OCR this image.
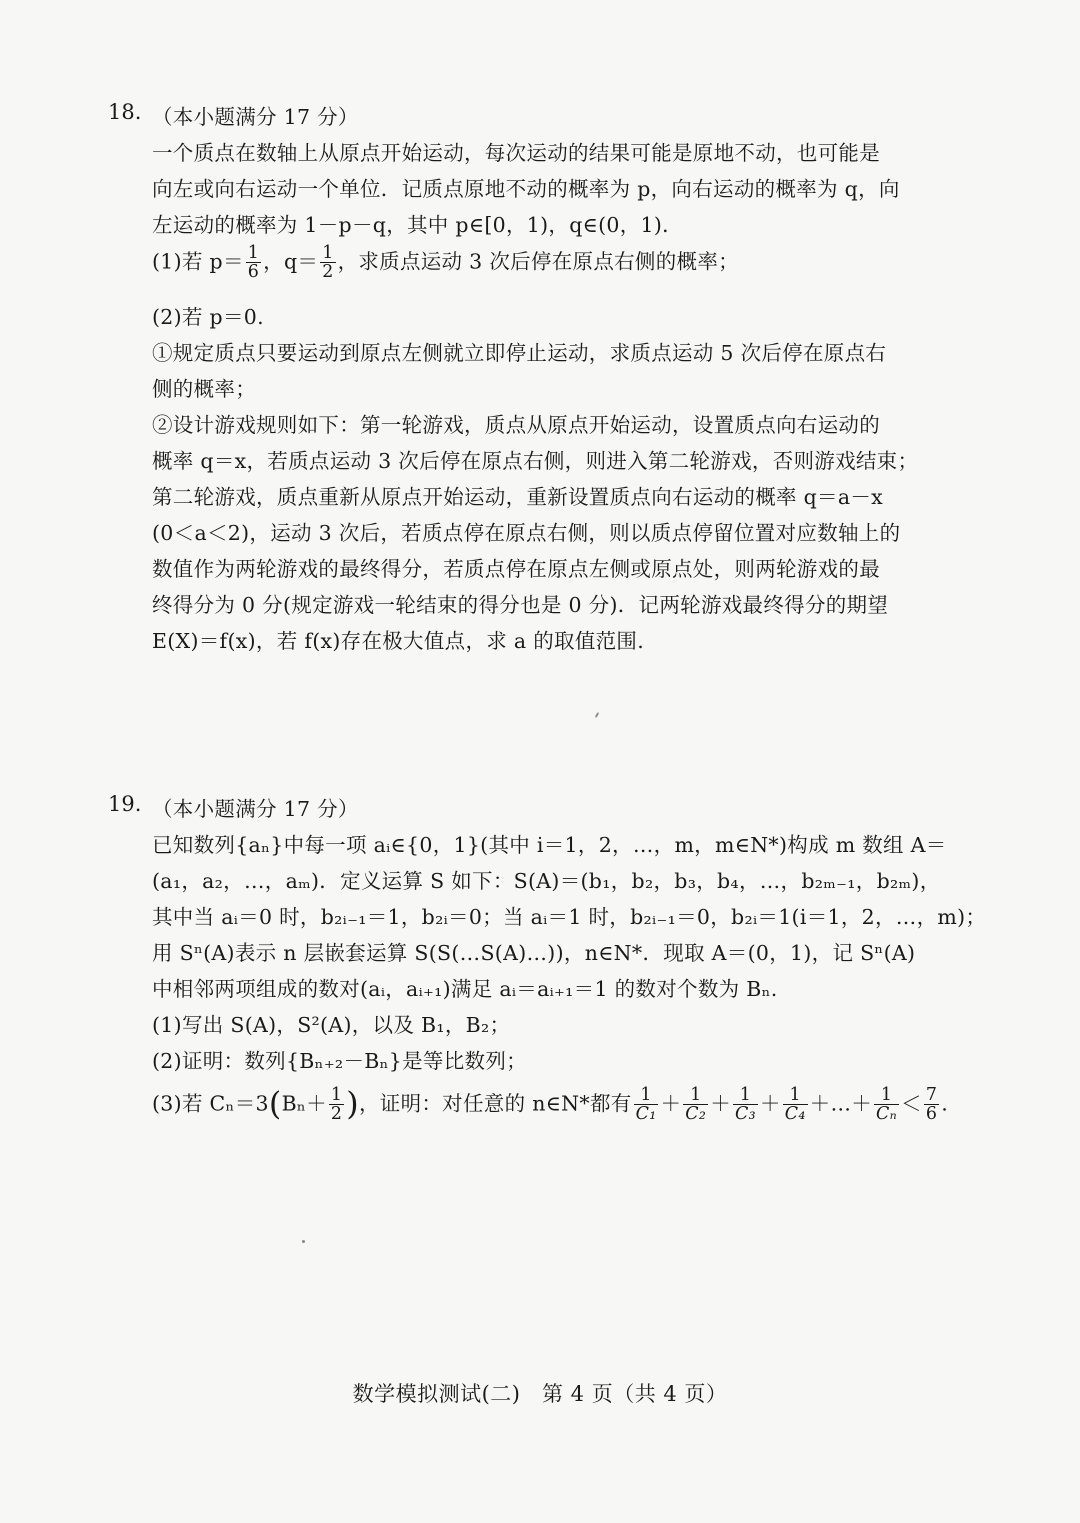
18. （本小题满分 17 分）
一个质点在数轴上从原点开始运动，每次运动的结果可能是原地不动，也可能是
向左或向右运动一个单位．记质点原地不动的概率为 p，向右运动的概率为 q，向
左运动的概率为 1－p－q，其中 p∈[0，1)，q∈(0，1)．
(1)若 $p= \frac{1}{6}$ ，$q= \frac{1}{2}$ ，求质点运动 3 次后停在原点右侧的概率；
(2)若 p＝0.
①规定质点只要运动到原点左侧就立即停止运动，求质点运动 5 次后停在原点右
侧的概率；
②设计游戏规则如下：第一轮游戏，质点从原点开始运动，设置质点向右运动的
概率 q＝x，若质点运动 3 次后停在原点右侧，则进入第二轮游戏，否则游戏结束；
第二轮游戏，质点重新从原点开始运动，重新设置质点向右运动的概率 q＝a－x
(0＜a＜2)，运动 3 次后，若质点停在原点右侧，则以质点停留位置对应数轴上的
数值作为两轮游戏的最终得分，若质点停在原点左侧或原点处，则两轮游戏的最
终得分为 0 分(规定游戏一轮结束的得分也是 0 分)．记两轮游戏最终得分的期望
E(X)＝f(x)，若 f(x)存在极大值点，求 a 的取值范围.
19. （本小题满分 17 分）
已知数列{aₙ}中每一项 aᵢ∈{0，1}(其中 i＝1，2，…，m，m∈N*)构成 m 数组 A＝
(a₁，a₂，…，aₘ)．定义运算 S 如下：S(A)＝(b₁，b₂，b₃，b₄，…，b₂ₘ₋₁，b₂ₘ)，
其中当 aᵢ＝0 时，b₂ᵢ₋₁＝1，b₂ᵢ＝0；当 aᵢ＝1 时，b₂ᵢ₋₁＝0，b₂ᵢ＝1(i＝1，2，…，m)；
用 Sⁿ(A)表示 n 层嵌套运算 S(S(…S(A)…))，n∈N*．现取 A＝(0，1)，记 Sⁿ(A)
中相邻两项组成的数对(aᵢ，aᵢ₊₁)满足 aᵢ＝aᵢ₊₁＝1 的数对个数为 Bₙ.
(1)写出 S(A)，S²(A)，以及 B₁，B₂；
(2)证明：数列{Bₙ₊₂－Bₙ}是等比数列；
(3)若 $C_n=3(B_n+ \frac{1}{2}$ )，证明：对任意的 n∈N*都有 $\frac{1}{\text{C₁}} + \frac{1}{\text{C₂}} + \frac{1}{\text{C₃}} + \frac{1}{\text{C₄}}$ ＋…＋ $\frac{1}{\text{Cₙ}} < \frac{7}{6}$ .
数学模拟测试(二)　第 4 页（共 4 页）
